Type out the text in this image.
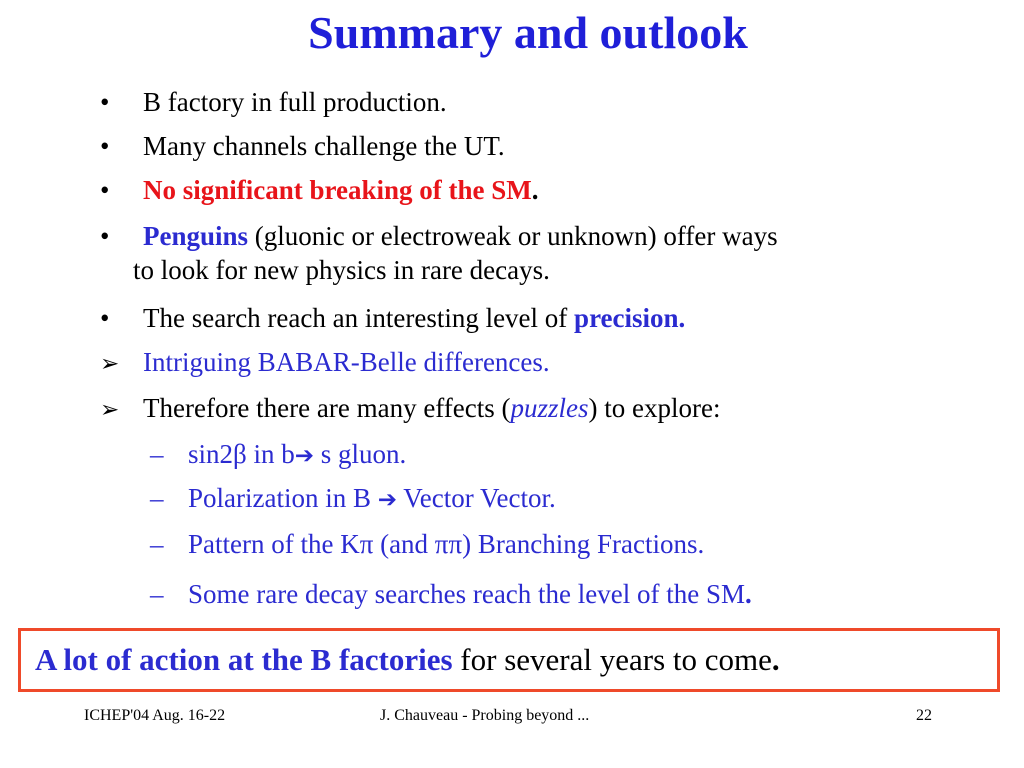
Summary and outlook
• B factory in full production.
• Many channels challenge the UT.
• No significant breaking of the SM.
• Penguins (gluonic or electroweak or unknown) offer ways
to look for new physics in rare decays.
• The search reach an interesting level of precision.
➢ Intriguing BABAR-Belle differences.
➢ Therefore there are many effects (puzzles) to explore:
– sin2β in b➔ s gluon.
– Polarization in B ➔ Vector Vector.
– Pattern of the Kπ (and ππ) Branching Fractions.
– Some rare decay searches reach the level of the SM.
A lot of action at the B factories for several years to come.
ICHEP'04 Aug. 16-22	J. Chauveau - Probing beyond ...	22
